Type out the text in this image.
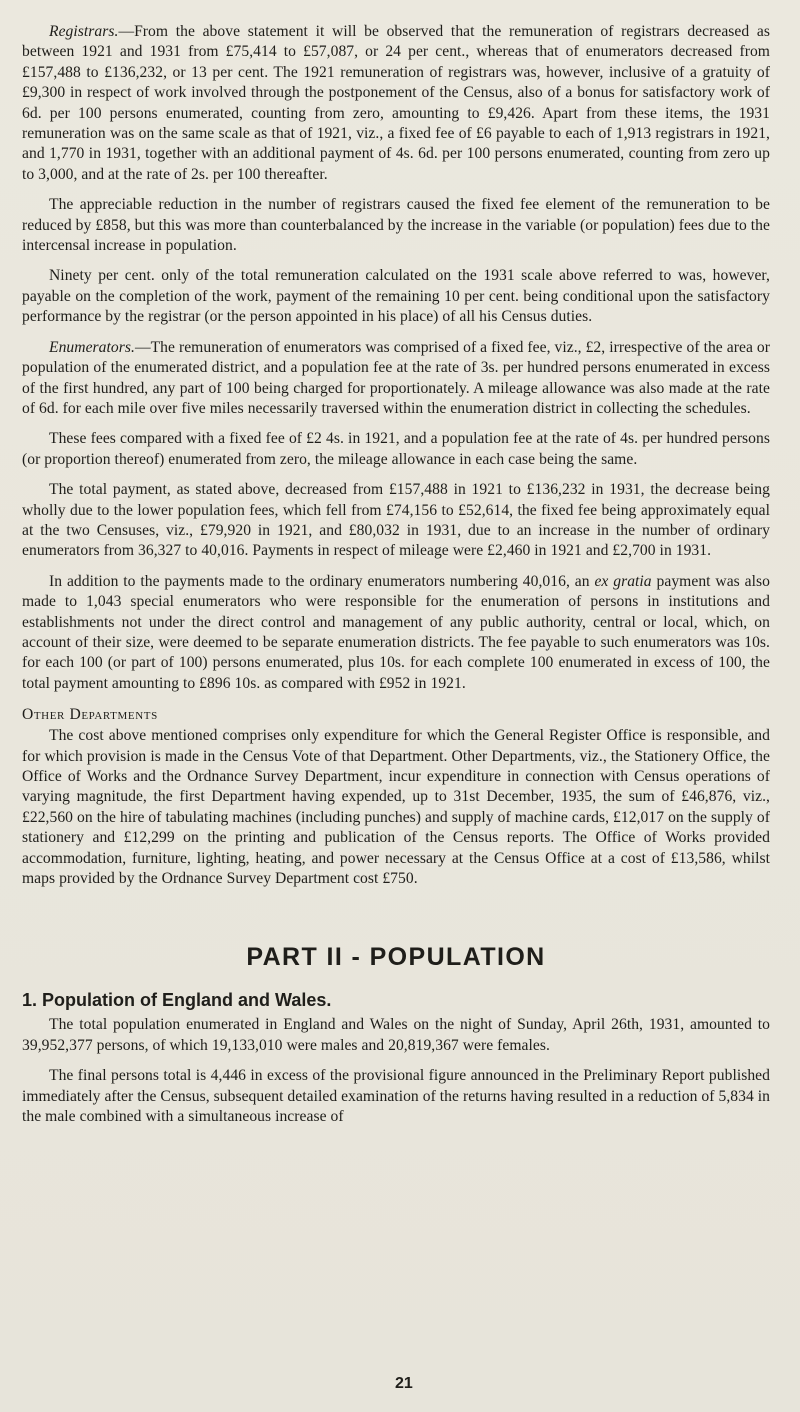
Registrars.—From the above statement it will be observed that the remuneration of registrars decreased as between 1921 and 1931 from £75,414 to £57,087, or 24 per cent., whereas that of enumerators decreased from £157,488 to £136,232, or 13 per cent. The 1921 remuneration of registrars was, however, inclusive of a gratuity of £9,300 in respect of work involved through the postponement of the Census, also of a bonus for satisfactory work of 6d. per 100 persons enumerated, counting from zero, amounting to £9,426. Apart from these items, the 1931 remuneration was on the same scale as that of 1921, viz., a fixed fee of £6 payable to each of 1,913 registrars in 1921, and 1,770 in 1931, together with an additional payment of 4s. 6d. per 100 persons enumerated, counting from zero up to 3,000, and at the rate of 2s. per 100 thereafter.

The appreciable reduction in the number of registrars caused the fixed fee element of the remuneration to be reduced by £858, but this was more than counterbalanced by the increase in the variable (or population) fees due to the intercensal increase in population.

Ninety per cent. only of the total remuneration calculated on the 1931 scale above referred to was, however, payable on the completion of the work, payment of the remaining 10 per cent. being conditional upon the satisfactory performance by the registrar (or the person appointed in his place) of all his Census duties.

Enumerators.—The remuneration of enumerators was comprised of a fixed fee, viz., £2, irrespective of the area or population of the enumerated district, and a population fee at the rate of 3s. per hundred persons enumerated in excess of the first hundred, any part of 100 being charged for proportionately. A mileage allowance was also made at the rate of 6d. for each mile over five miles necessarily traversed within the enumeration district in collecting the schedules.

These fees compared with a fixed fee of £2 4s. in 1921, and a population fee at the rate of 4s. per hundred persons (or proportion thereof) enumerated from zero, the mileage allowance in each case being the same.

The total payment, as stated above, decreased from £157,488 in 1921 to £136,232 in 1931, the decrease being wholly due to the lower population fees, which fell from £74,156 to £52,614, the fixed fee being approximately equal at the two Censuses, viz., £79,920 in 1921, and £80,032 in 1931, due to an increase in the number of ordinary enumerators from 36,327 to 40,016. Payments in respect of mileage were £2,460 in 1921 and £2,700 in 1931.

In addition to the payments made to the ordinary enumerators numbering 40,016, an ex gratia payment was also made to 1,043 special enumerators who were responsible for the enumeration of persons in institutions and establishments not under the direct control and management of any public authority, central or local, which, on account of their size, were deemed to be separate enumeration districts. The fee payable to such enumerators was 10s. for each 100 (or part of 100) persons enumerated, plus 10s. for each complete 100 enumerated in excess of 100, the total payment amounting to £896 10s. as compared with £952 in 1921.

Other Departments

The cost above mentioned comprises only expenditure for which the General Register Office is responsible, and for which provision is made in the Census Vote of that Department. Other Departments, viz., the Stationery Office, the Office of Works and the Ordnance Survey Department, incur expenditure in connection with Census operations of varying magnitude, the first Department having expended, up to 31st December, 1935, the sum of £46,876, viz., £22,560 on the hire of tabulating machines (including punches) and supply of machine cards, £12,017 on the supply of stationery and £12,299 on the printing and publication of the Census reports. The Office of Works provided accommodation, furniture, lighting, heating, and power necessary at the Census Office at a cost of £13,586, whilst maps provided by the Ordnance Survey Department cost £750.

PART II - POPULATION
1. Population of England and Wales.

The total population enumerated in England and Wales on the night of Sunday, April 26th, 1931, amounted to 39,952,377 persons, of which 19,133,010 were males and 20,819,367 were females.

The final persons total is 4,446 in excess of the provisional figure announced in the Preliminary Report published immediately after the Census, subsequent detailed examination of the returns having resulted in a reduction of 5,834 in the male combined with a simultaneous increase of

21
